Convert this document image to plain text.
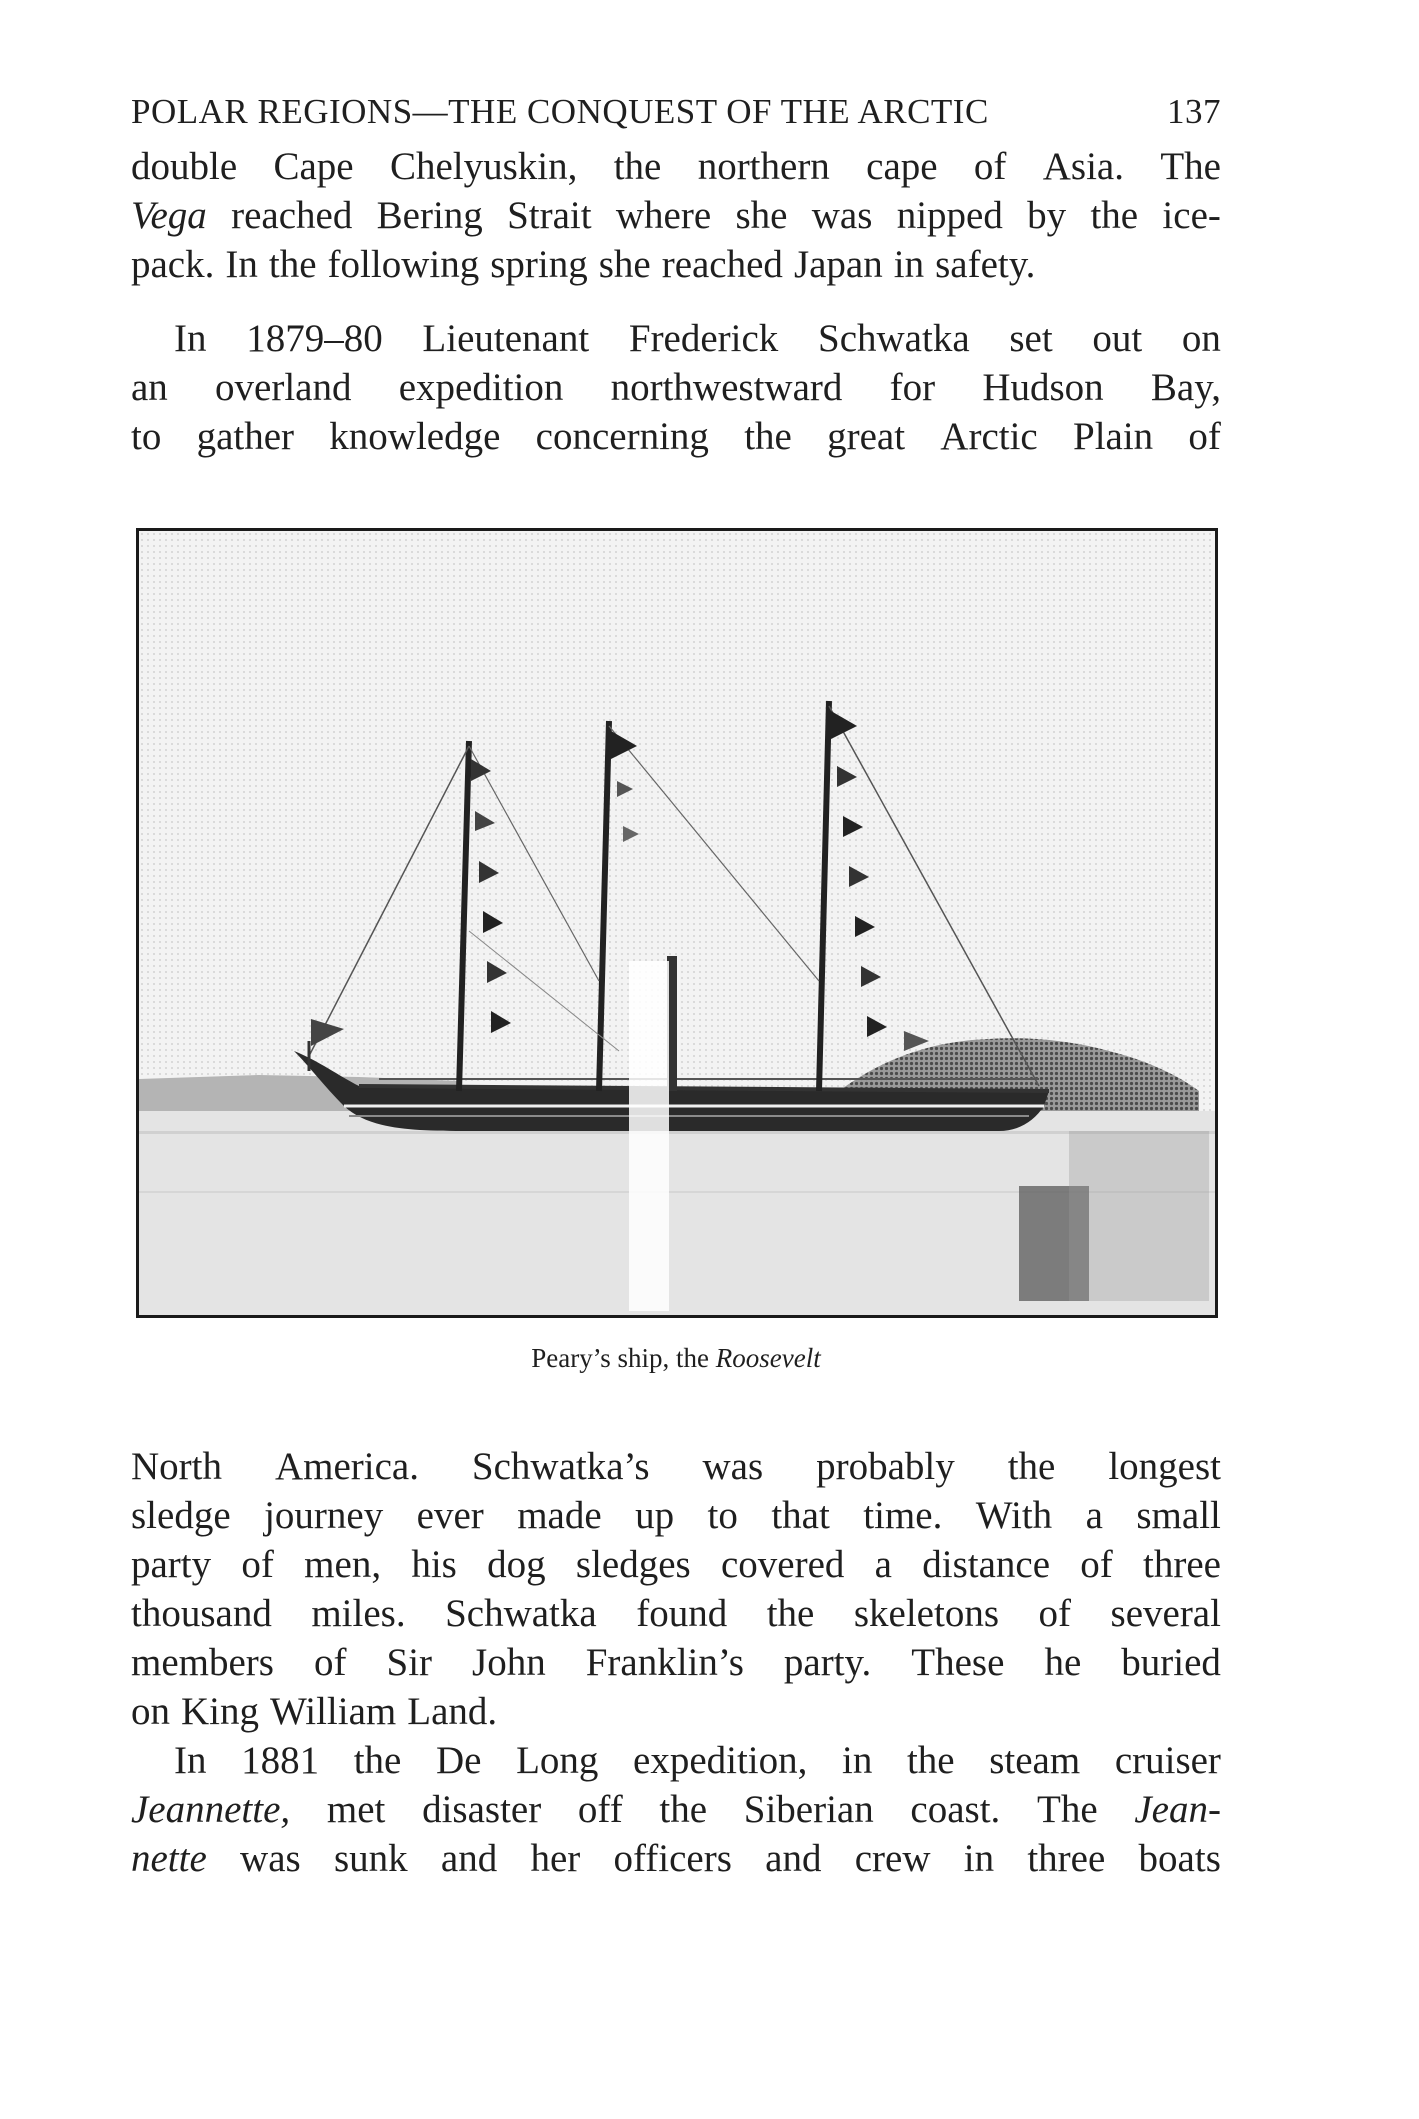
POLAR REGIONS—THE CONQUEST OF THE ARCTIC	137
double Cape Chelyuskin, the northern cape of Asia. The
Vega reached Bering Strait where she was nipped by the ice-
pack. In the following spring she reached Japan in safety.
In 1879–80 Lieutenant Frederick Schwatka set out on
an overland expedition northwestward for Hudson Bay,
to gather knowledge concerning the great Arctic Plain of
Peary’s ship, the Roosevelt
North America. Schwatka’s was probably the longest
sledge journey ever made up to that time. With a small
party of men, his dog sledges covered a distance of three
thousand miles. Schwatka found the skeletons of several
members of Sir John Franklin’s party. These he buried
on King William Land.
In 1881 the De Long expedition, in the steam cruiser
Jeannette, met disaster off the Siberian coast. The Jean-
nette was sunk and her officers and crew in three boats
